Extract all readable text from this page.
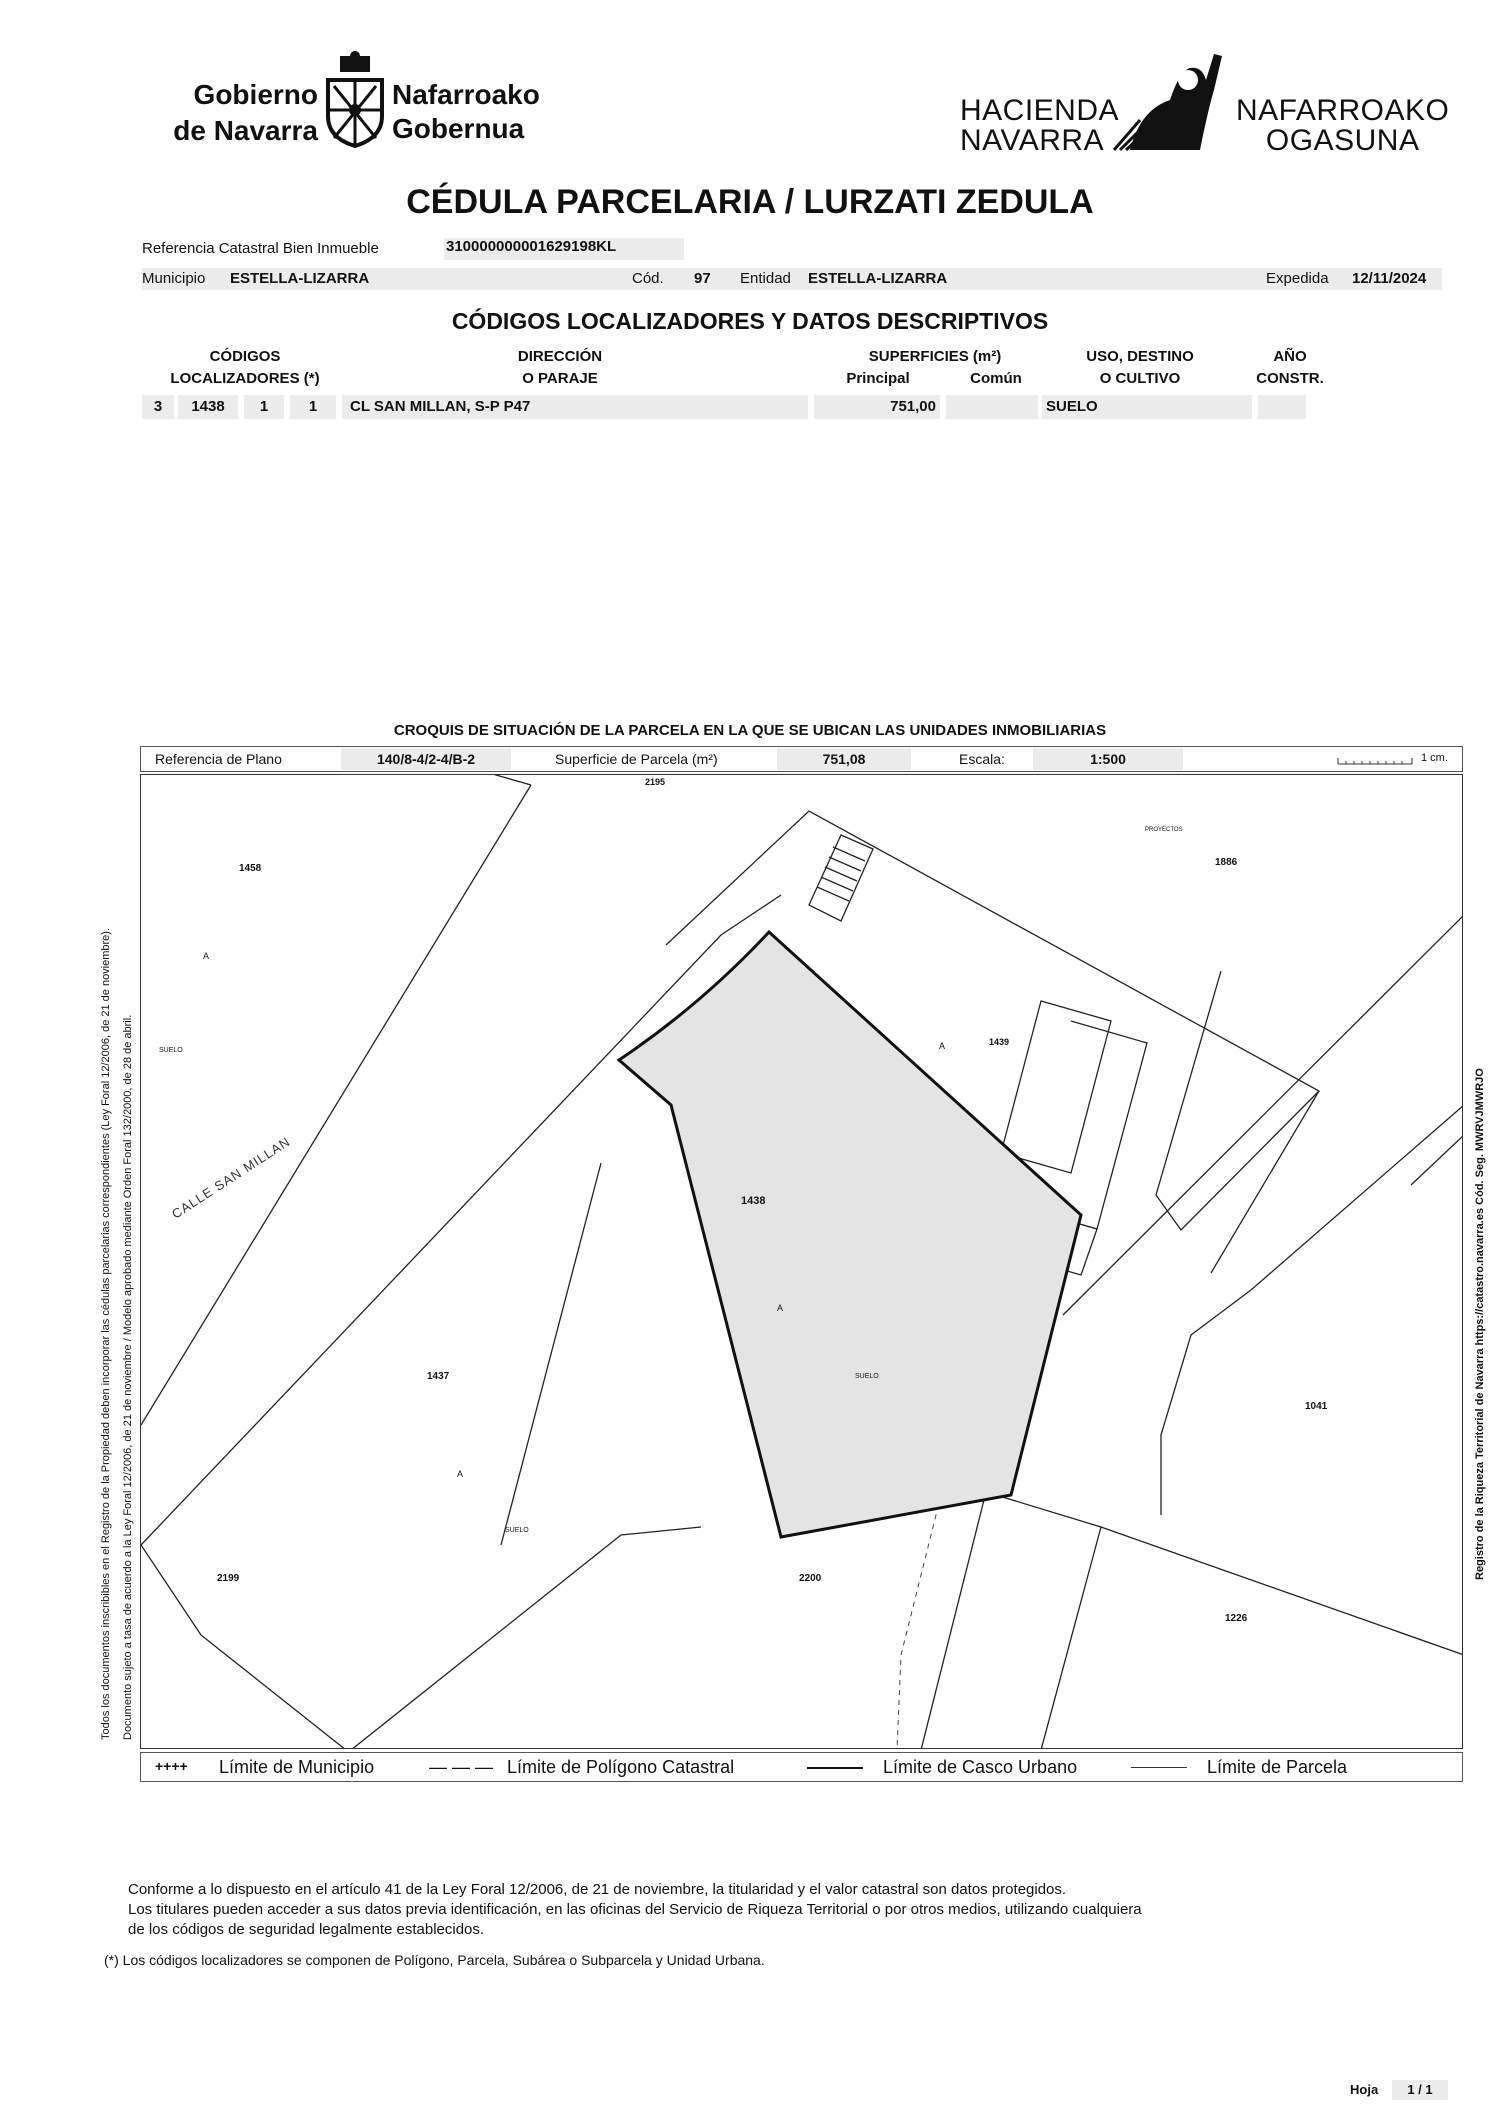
Gobierno
de Navarra
Nafarroako
Gobernua
HACIENDA
NAVARRA
NAFARROAKO
OGASUNA
CÉDULA PARCELARIA / LURZATI ZEDULA
Referencia Catastral Bien Inmueble	310000000001629198KL
Municipio ESTELLA-LIZARRA	Cód. 97 Entidad ESTELLA-LIZARRA	Expedida 12/11/2024
CÓDIGOS LOCALIZADORES Y DATOS DESCRIPTIVOS
CÓDIGOS
LOCALIZADORES (*)
DIRECCIÓN
O PARAJE
SUPERFICIES (m²)
Principal	Común
USO, DESTINO
O CULTIVO
AÑO
CONSTR.
3	1438	1	1	CL SAN MILLAN, S-P P47	751,00	SUELO
CROQUIS DE SITUACIÓN DE LA PARCELA EN LA QUE SE UBICAN LAS UNIDADES INMOBILIARIAS
Referencia de Plano	140/8-4/2-4/B-2	Superficie de Parcela (m²)	751,08	Escala:	1:500	1 cm.
CALLE SAN MILLAN
1458
2195
1886
1438
1439
1437
2199	2200
1226
1041
A
A
A
A
SUELO
SUELO
SUELO
PROYECTOS
++++ Límite de Municipio	— — — Límite de Polígono Catastral	Límite de Casco Urbano	Límite de Parcela
Todos los documentos inscribibles en el Registro de la Propiedad deben incorporar las cédulas parcelarias correspondientes (Ley Foral 12/2006, de 21 de noviembre). Documento sujeto a tasa de acuerdo a la Ley Foral 12/2006, de 21 de noviembre / Modelo aprobado mediante Orden Foral 132/2000, de 28 de abril.	Registro de la Riqueza Territorial de Navarra https://catastro.navarra.es Cód. Seg. MWRVJMWRJO
Conforme a lo dispuesto en el artículo 41 de la Ley Foral 12/2006, de 21 de noviembre, la titularidad y el valor catastral son datos protegidos.
Los titulares pueden acceder a sus datos previa identificación, en las oficinas del Servicio de Riqueza Territorial o por otros medios, utilizando cualquiera
de los códigos de seguridad legalmente establecidos.
(*) Los códigos localizadores se componen de Polígono, Parcela, Subárea o Subparcela y Unidad Urbana.
Hoja	1 / 1
